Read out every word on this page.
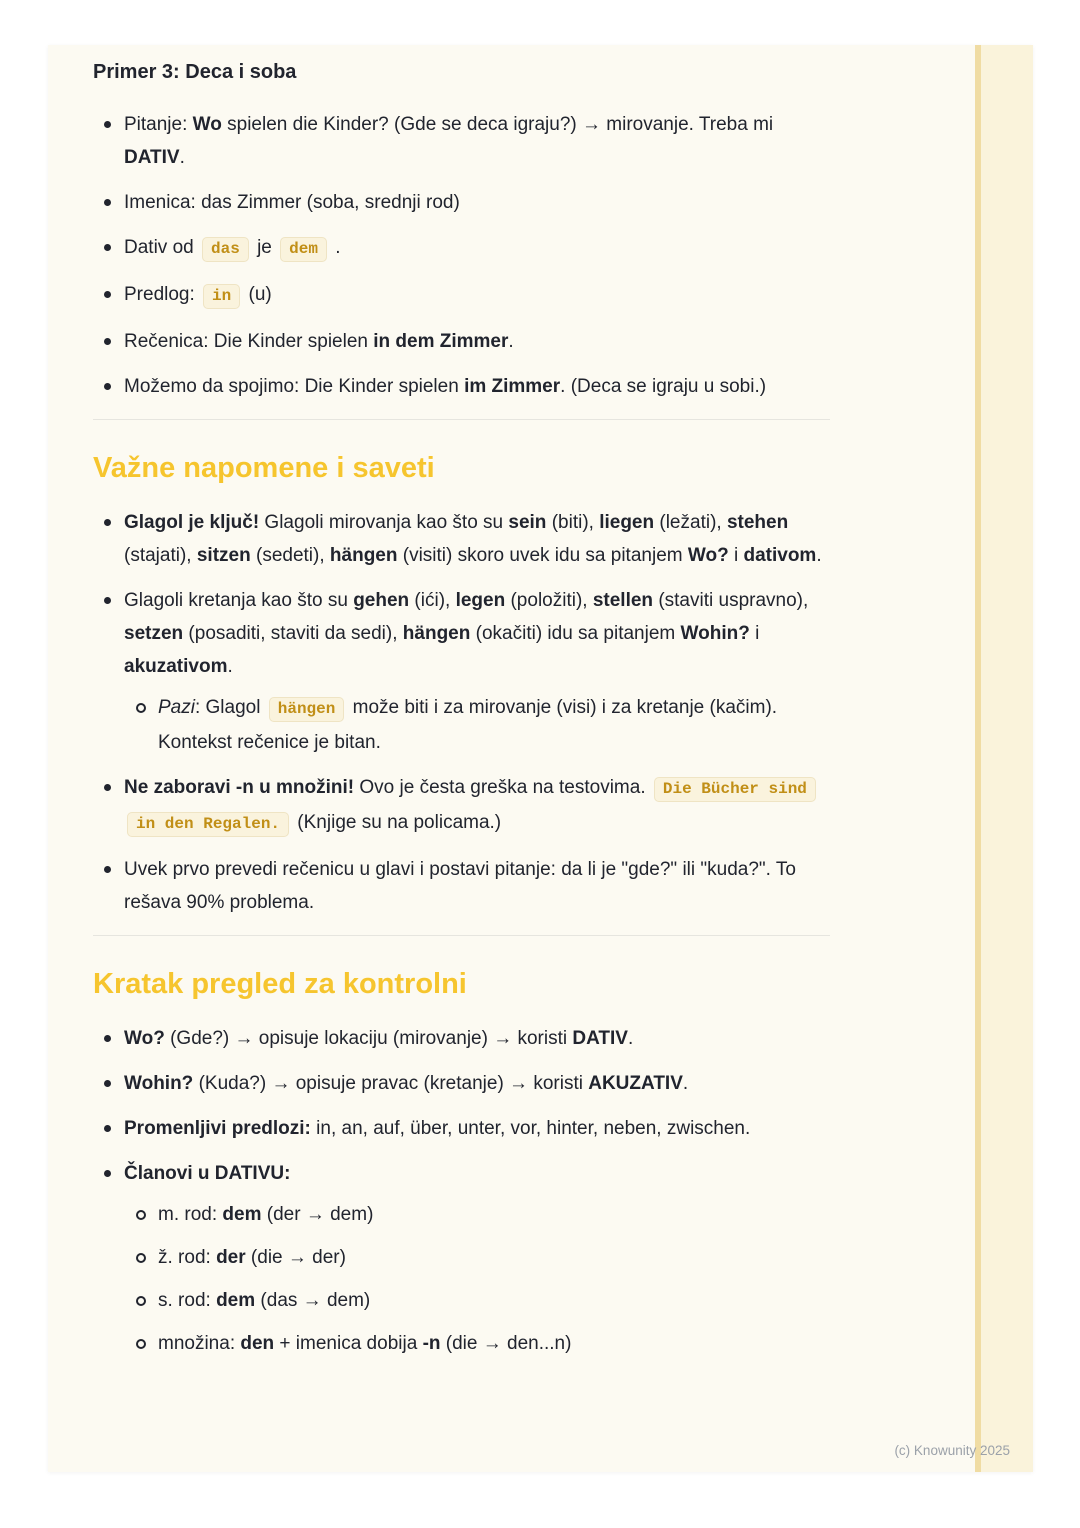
Primer 3: Deca i soba
Pitanje: Wo spielen die Kinder? (Gde se deca igraju?) → mirovanje. Treba mi DATIV.
Imenica: das Zimmer (soba, srednji rod)
Dativ od das je dem .
Predlog: in (u)
Rečenica: Die Kinder spielen in dem Zimmer.
Možemo da spojimo: Die Kinder spielen im Zimmer. (Deca se igraju u sobi.)
Važne napomene i saveti
Glagol je ključ! Glagoli mirovanja kao što su sein (biti), liegen (ležati), stehen (stajati), sitzen (sedeti), hängen (visiti) skoro uvek idu sa pitanjem Wo? i dativom.
Glagoli kretanja kao što su gehen (ići), legen (položiti), stellen (staviti uspravno), setzen (posaditi, staviti da sedi), hängen (okačiti) idu sa pitanjem Wohin? i akuzativom.
Pazi: Glagol hängen može biti i za mirovanje (visi) i za kretanje (kačim). Kontekst rečenice je bitan.
Ne zaboravi -n u množini! Ovo je česta greška na testovima. Die Bücher sind in den Regalen. (Knjige su na policama.)
Uvek prvo prevedi rečenicu u glavi i postavi pitanje: da li je "gde?" ili "kuda?". To rešava 90% problema.
Kratak pregled za kontrolni
Wo? (Gde?) → opisuje lokaciju (mirovanje) → koristi DATIV.
Wohin? (Kuda?) → opisuje pravac (kretanje) → koristi AKUZATIV.
Promenljivi predlozi: in, an, auf, über, unter, vor, hinter, neben, zwischen.
Članovi u DATIVU:
m. rod: dem (der → dem)
ž. rod: der (die → der)
s. rod: dem (das → dem)
množina: den + imenica dobija -n (die → den...n)
(c) Knowunity 2025
